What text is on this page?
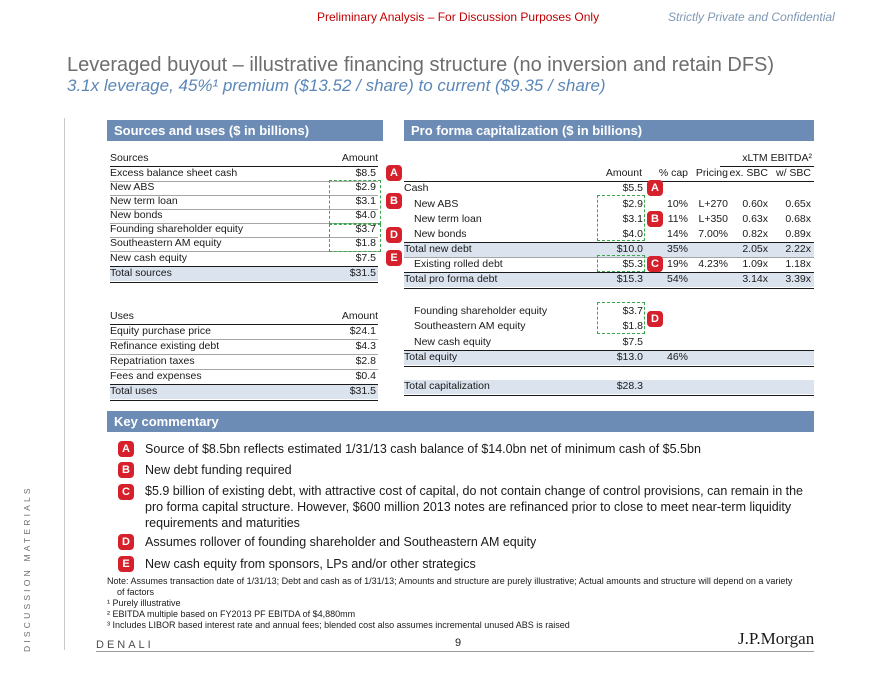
Preliminary Analysis – For Discussion Purposes Only	Strictly Private and Confidential
Leveraged buyout – illustrative financing structure (no inversion and retain DFS)
3.1x leverage, 45%¹ premium ($13.52 / share) to current ($9.35 / share)
DISCUSSION MATERIALS
Sources and uses ($ in billions)
Sources	Amount
Excess balance sheet cash	$8.5
New ABS	$2.9
New term loan	$3.1
New bonds	$4.0
Founding shareholder equity	$3.7
Southeastern AM equity	$1.8
New cash equity	$7.5
Total sources	$31.5
Uses	Amount
Equity purchase price	$24.1
Refinance existing debt	$4.3
Repatriation taxes	$2.8
Fees and expenses	$0.4
Total uses	$31.5
A
B
D
E
Pro forma capitalization ($ in billions)
xLTM EBITDA²
Amount % cap Pricing ex. SBC w/ SBC
Cash	$5.5
New ABS	$2.9 10% L+270 0.60x 0.65x
New term loan	$3.1 11% L+350 0.63x 0.68x
New bonds	$4.0 14% 7.00% 0.82x 0.89x
Total new debt	$10.0 35%	2.05x 2.22x
Existing rolled debt	$5.3 19% 4.23% 1.09x 1.18x
Total pro forma debt	$15.3 54%	3.14x 3.39x
Founding shareholder equity	$3.7
Southeastern AM equity	$1.8
New cash equity	$7.5
Total equity	$13.0 46%
Total capitalization	$28.3
A
B
C
D
Key commentary
A	Source of $8.5bn reflects estimated 1/31/13 cash balance of $14.0bn net of minimum cash of $5.5bn
B	New debt funding required
C	$5.9 billion of existing debt, with attractive cost of capital, do not contain change of control provisions, can remain in the pro forma capital structure. However, $600 million 2013 notes are refinanced prior to close to meet near-term liquidity requirements and maturities
D	Assumes rollover of founding shareholder and Southeastern AM equity
E	New cash equity from sponsors, LPs and/or other strategics
Note: Assumes transaction date of 1/31/13; Debt and cash as of 1/31/13; Amounts and structure are purely illustrative; Actual amounts and structure will depend on a variety of factors
¹ Purely illustrative
² EBITDA multiple based on FY2013 PF EBITDA of $4,880mm
³ Includes LIBOR based interest rate and annual fees; blended cost also assumes incremental unused ABS is raised
DENALI	9	J.P.Morgan
